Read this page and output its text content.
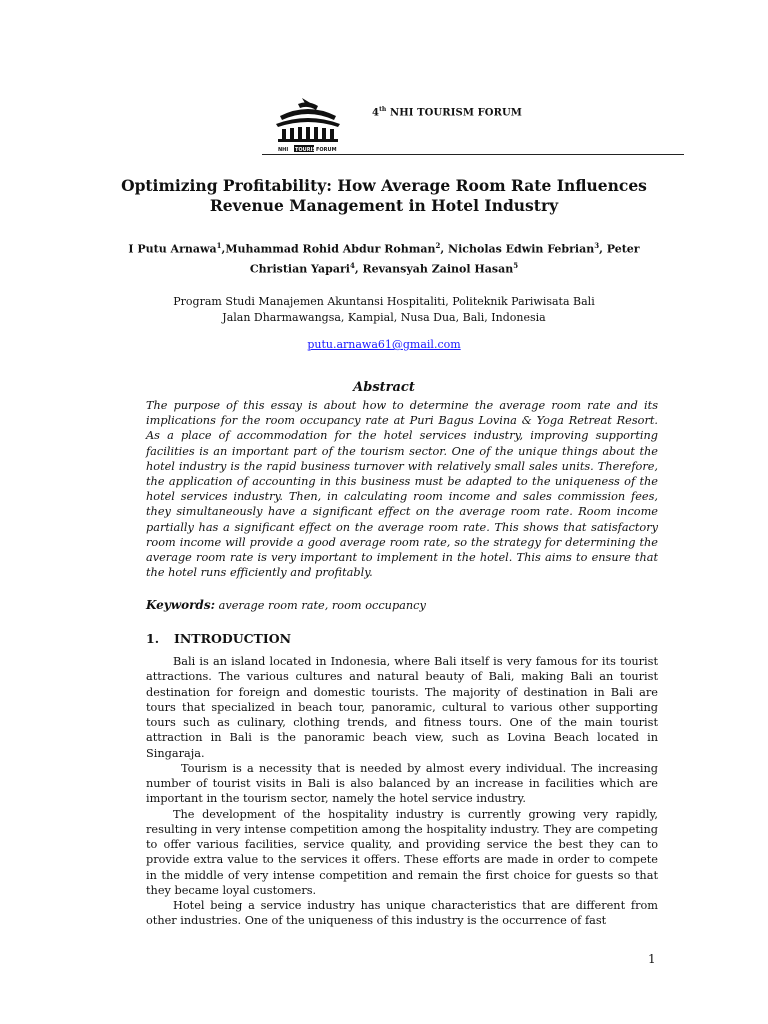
NHI TOURISM
FORUM
4th NHI TOURISM FORUM
Optimizing Profitability: How Average Room Rate Influences
Revenue Management in Hotel Industry
I Putu Arnawa$^1$,Muhammad Rohid Abdur Rohman$^2$, Nicholas Edwin Febrian$^3$, Peter Christian Yapari$^4$, Revansyah Zainol Hasan$^5$
Program Studi Manajemen Akuntansi Hospitaliti, Politeknik Pariwisata Bali
Jalan Dharmawangsa, Kampial, Nusa Dua, Bali, Indonesia
putu.arnawa61@gmail.com
Abstract
The purpose of this essay is about how to determine the average room rate and its implications for the room occupancy rate at Puri Bagus Lovina & Yoga Retreat Resort. As a place of accommodation for the hotel services industry, improving supporting facilities is an important part of the tourism sector. One of the unique things about the hotel industry is the rapid business turnover with relatively small sales units. Therefore, the application of accounting in this business must be adapted to the uniqueness of the hotel services industry. Then, in calculating room income and sales commission fees, they simultaneously have a significant effect on the average room rate. Room income partially has a significant effect on the average room rate. This shows that satisfactory room income will provide a good average room rate, so the strategy for determining the average room rate is very important to implement in the hotel. This aims to ensure that the hotel runs efficiently and profitably.
Keywords: average room rate, room occupancy
1. INTRODUCTION

Bali is an island located in Indonesia, where Bali itself is very famous for its tourist attractions. The various cultures and natural beauty of Bali, making Bali an tourist destination for foreign and domestic tourists. The majority of destination in Bali are tours that specialized in beach tour, panoramic, cultural to various other supporting tours such as culinary, clothing trends, and fitness tours. One of the main tourist attraction in Bali is the panoramic beach view, such as Lovina Beach located in Singaraja.

Tourism is a necessity that is needed by almost every individual. The increasing number of tourist visits in Bali is also balanced by an increase in facilities which are important in the tourism sector, namely the hotel service industry.

The development of the hospitality industry is currently growing very rapidly, resulting in very intense competition among the hospitality industry. They are competing to offer various facilities, service quality, and providing service the best they can to provide extra value to the services it offers. These efforts are made in order to compete in the middle of very intense competition and remain the first choice for guests so that they became loyal customers.

Hotel being a service industry has unique characteristics that are different from other industries. One of the uniqueness of this industry is the occurrence of fast

1
